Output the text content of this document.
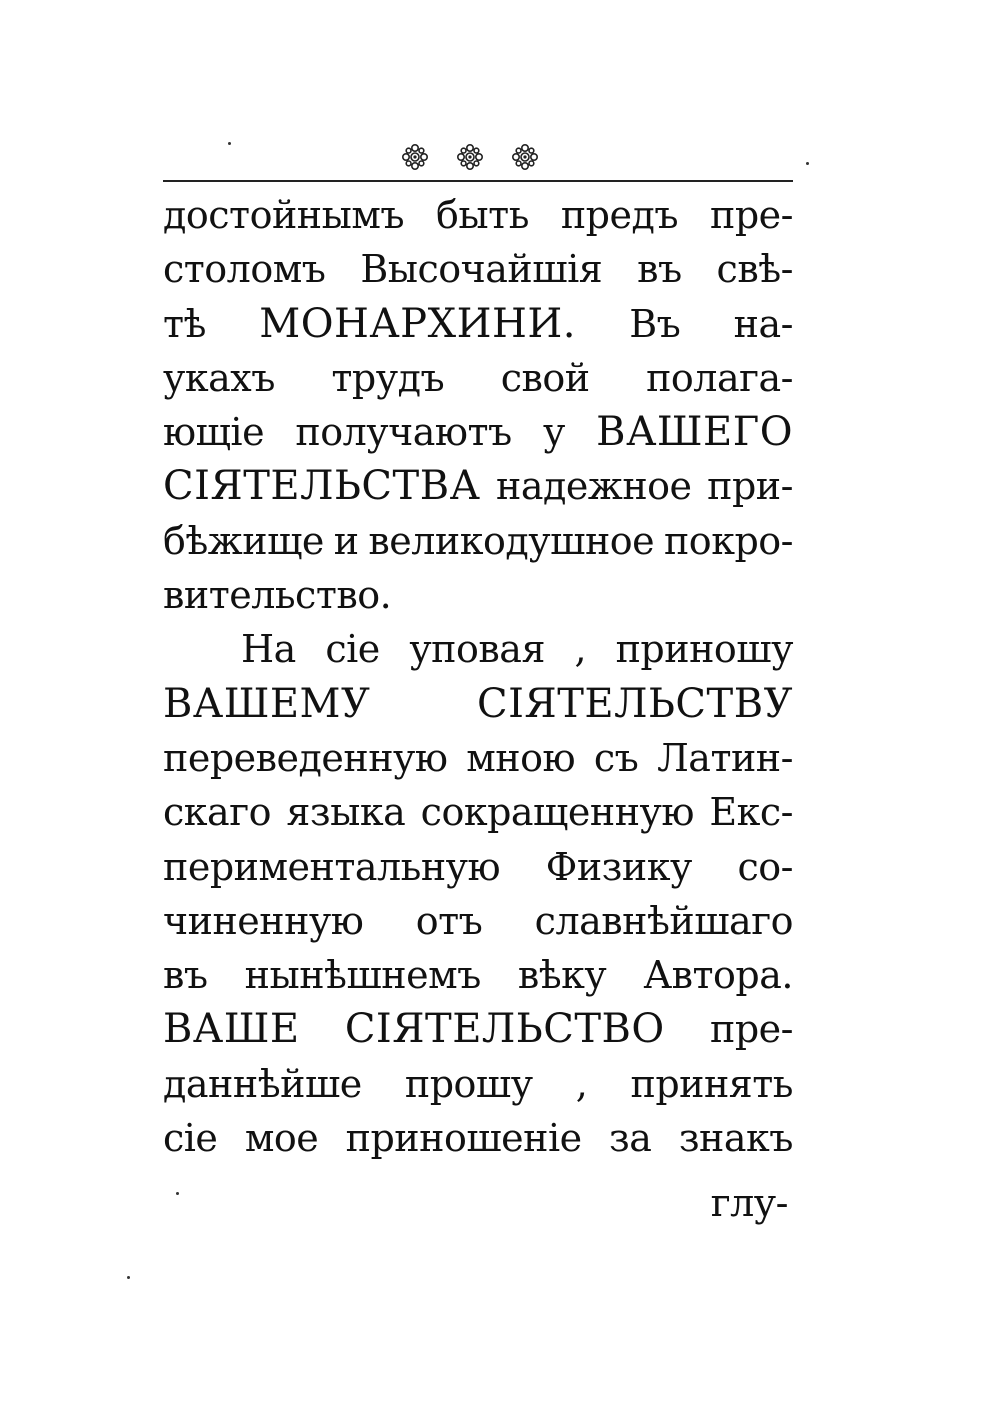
достойнымъ быть предъ пре-
столомъ Высочайшія въ свѣ-
тѣ МОНАРХИНИ. Въ на-
укахъ трудъ свой полага-
ющіе получаютъ у ВАШЕГО
СІЯТЕЛЬСТВА надежное при-
бѣжище и великодушное покро-
вительство.
На сіе уповая , приношу
ВАШЕМУ	СІЯТЕЛЬСТВУ
переведенную мною съ Латин-
скаго языка сокращенную Екс-
периментальную Физику со-
чиненную отъ славнѣйшаго
въ нынѣшнемъ вѣку Автора.
ВАШЕ СІЯТЕЛЬСТВО пре-
даннѣйше прошу , принять
сіе мое приношеніе за знакъ
глу-
